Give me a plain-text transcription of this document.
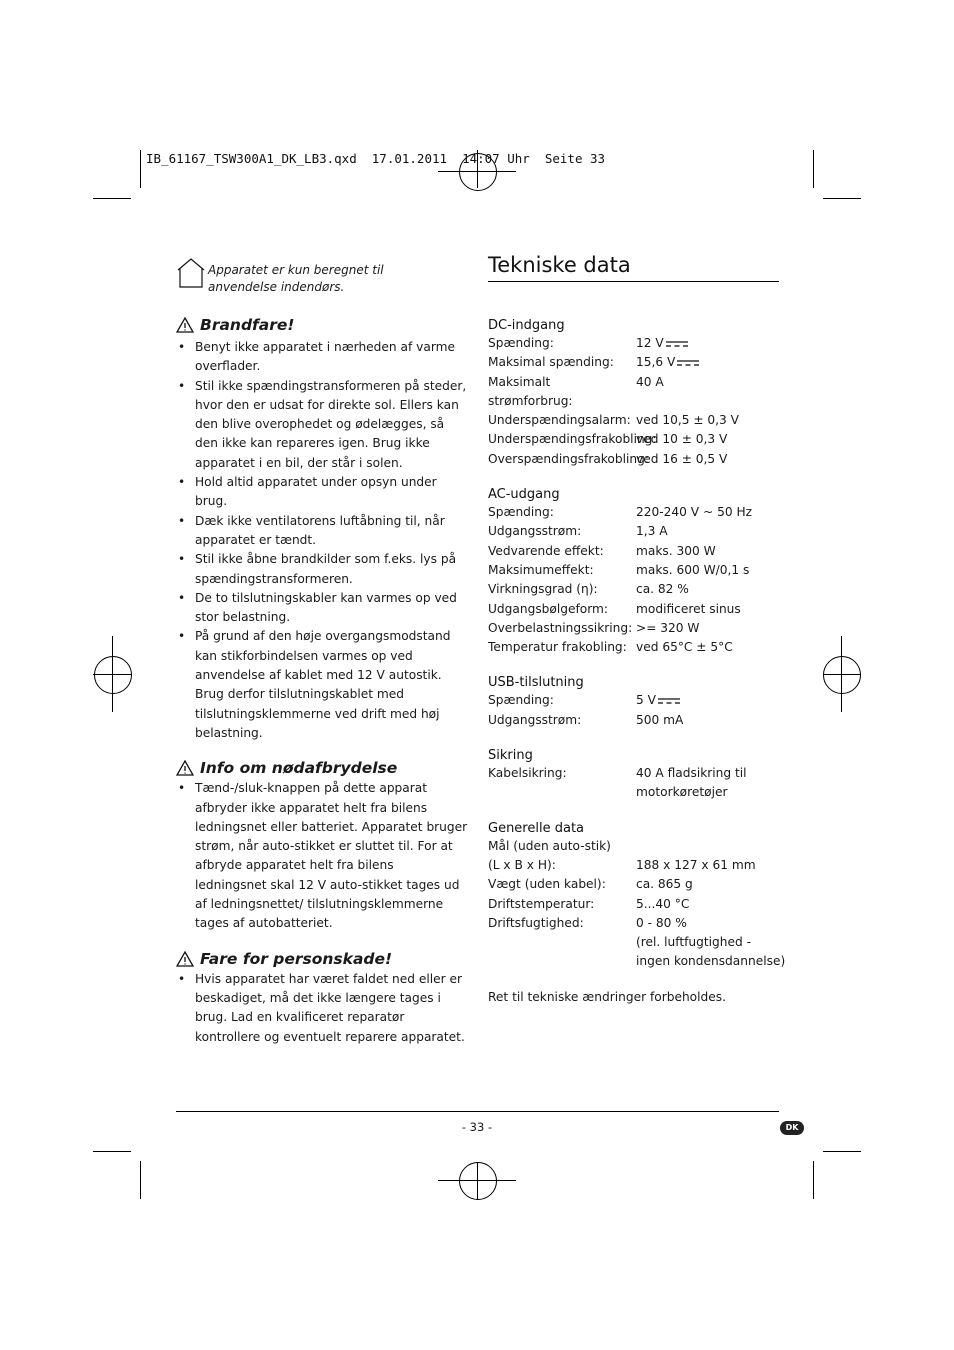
IB_61167_TSW300A1_DK_LB3.qxd  17.01.2011  14:07 Uhr  Seite 33
Apparatet er kun beregnet til anvendelse indendørs.
Brandfare!
• Benyt ikke apparatet i nærheden af varme overflader.
• Stil ikke spændingstransformeren på steder, hvor den er udsat for direkte sol. Ellers kan den blive overophedet og ødelægges, så den ikke kan repareres igen. Brug ikke apparatet i en bil, der står i solen.
• Hold altid apparatet under opsyn under brug.
• Dæk ikke ventilatorens luftåbning til, når apparatet er tændt.
• Stil ikke åbne brandkilder som f.eks. lys på spændingstransformeren.
• De to tilslutningskabler kan varmes op ved stor belastning.
• På grund af den høje overgangsmodstand kan stikforbindelsen varmes op ved anvendelse af kablet med 12 V autostik. Brug derfor tilslutningskablet med tilslutningsklemmerne ved drift med høj belastning.
Info om nødafbrydelse
• Tænd-/sluk-knappen på dette apparat afbryder ikke apparatet helt fra bilens ledningsnet eller batteriet. Apparatet bruger strøm, når auto-stikket er sluttet til. For at afbryde apparatet helt fra bilens ledningsnet skal 12 V auto-stikket tages ud af ledningsnettet/ tilslutningsklemmerne tages af autobatteriet.
Fare for personskade!
• Hvis apparatet har været faldet ned eller er beskadiget, må det ikke længere tages i brug. Lad en kvalificeret reparatør kontrollere og eventuelt reparere apparatet.
Tekniske data
DC-indgang
Spænding:	12 V
Maksimal spænding:	15,6 V
Maksimalt strømforbrug:
40 A
Underspændingsalarm: ved 10,5 ± 0,3 V
Underspændingsfrakobling:
ved 10 ± 0,3 V
Overspændingsfrakobling:
ved 16 ± 0,5 V
AC-udgang
Spænding:	220-240 V ~ 50 Hz
Udgangsstrøm:	1,3 A
Vedvarende effekt:	maks. 300 W
Maksimumeffekt:	maks. 600 W/0,1 s
Virkningsgrad (η):	ca. 82 %
Udgangsbølgeform:	modificeret sinus
Overbelastningssikring: >= 320 W
Temperatur frakobling: ved 65°C ± 5°C
USB-tilslutning
Spænding:	5 V
Udgangsstrøm:	500 mA
Sikring
Kabelsikring:	40 A fladsikring til
motorkøretøjer
Generelle data
Mål (uden auto-stik)
(L x B x H):	188 x 127 x 61 mm
Vægt (uden kabel):	ca. 865 g
Driftstemperatur:	5...40 °C
Driftsfugtighed:	0 - 80 %
(rel. luftfugtighed -
ingen kondensdannelse)
Ret til tekniske ændringer forbeholdes.
- 33 -	DK
